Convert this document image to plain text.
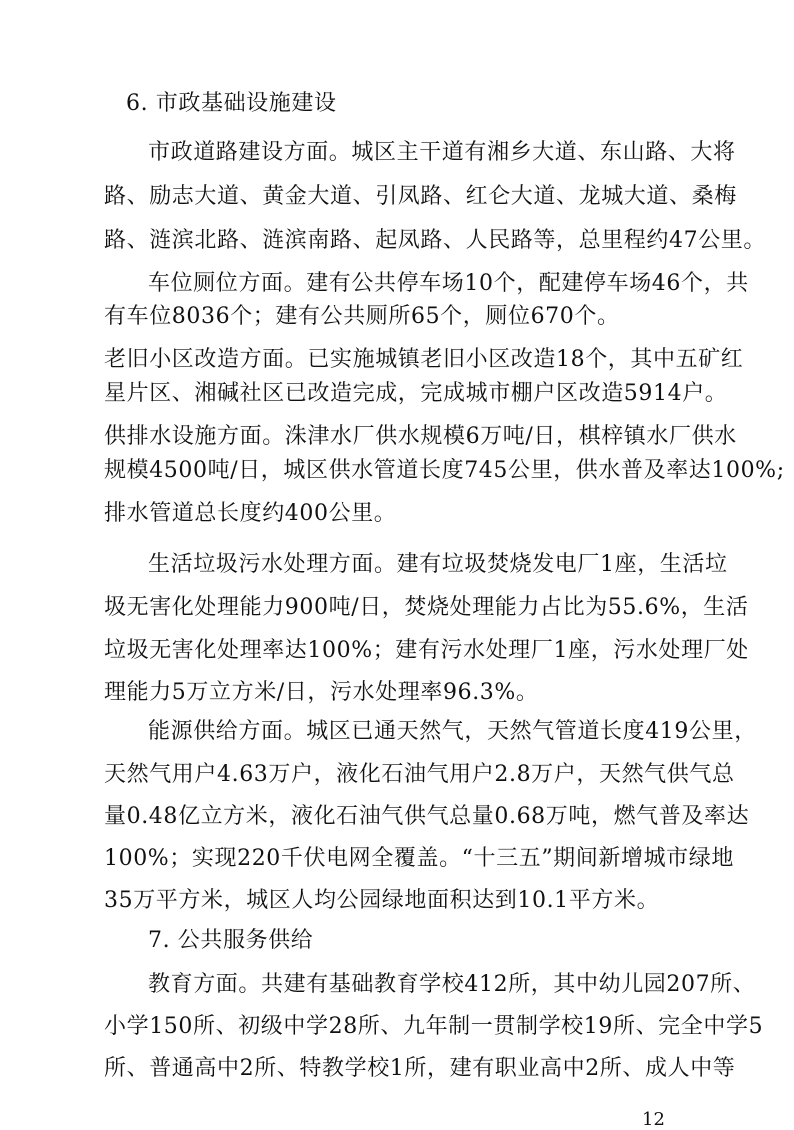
6. 市政基础设施建设
市政道路建设方面。城区主干道有湘乡大道、东山路、大将
路、励志大道、黄金大道、引凤路、红仑大道、龙城大道、桑梅
路、涟滨北路、涟滨南路、起凤路、人民路等，总里程约47公里。
车位厕位方面。建有公共停车场10个，配建停车场46个，共
有车位8036个；建有公共厕所65个，厕位670个。
老旧小区改造方面。已实施城镇老旧小区改造18个，其中五矿红
星片区、湘碱社区已改造完成，完成城市棚户区改造5914户。
供排水设施方面。洙津水厂供水规模6万吨/日，棋梓镇水厂供水
规模4500吨/日，城区供水管道长度745公里，供水普及率达100%;
排水管道总长度约400公里。
生活垃圾污水处理方面。建有垃圾焚烧发电厂1座，生活垃
圾无害化处理能力900吨/日，焚烧处理能力占比为55.6%，生活
垃圾无害化处理率达100%；建有污水处理厂1座，污水处理厂处
理能力5万立方米/日，污水处理率96.3%。
能源供给方面。城区已通天然气，天然气管道长度419公里，
天然气用户4.63万户，液化石油气用户2.8万户，天然气供气总
量0.48亿立方米，液化石油气供气总量0.68万吨，燃气普及率达
100%；实现220千伏电网全覆盖。“十三五”期间新增城市绿地
35万平方米，城区人均公园绿地面积达到10.1平方米。
7. 公共服务供给
教育方面。共建有基础教育学校412所，其中幼儿园207所、
小学150所、初级中学28所、九年制一贯制学校19所、完全中学5
所、普通高中2所、特教学校1所，建有职业高中2所、成人中等
12
